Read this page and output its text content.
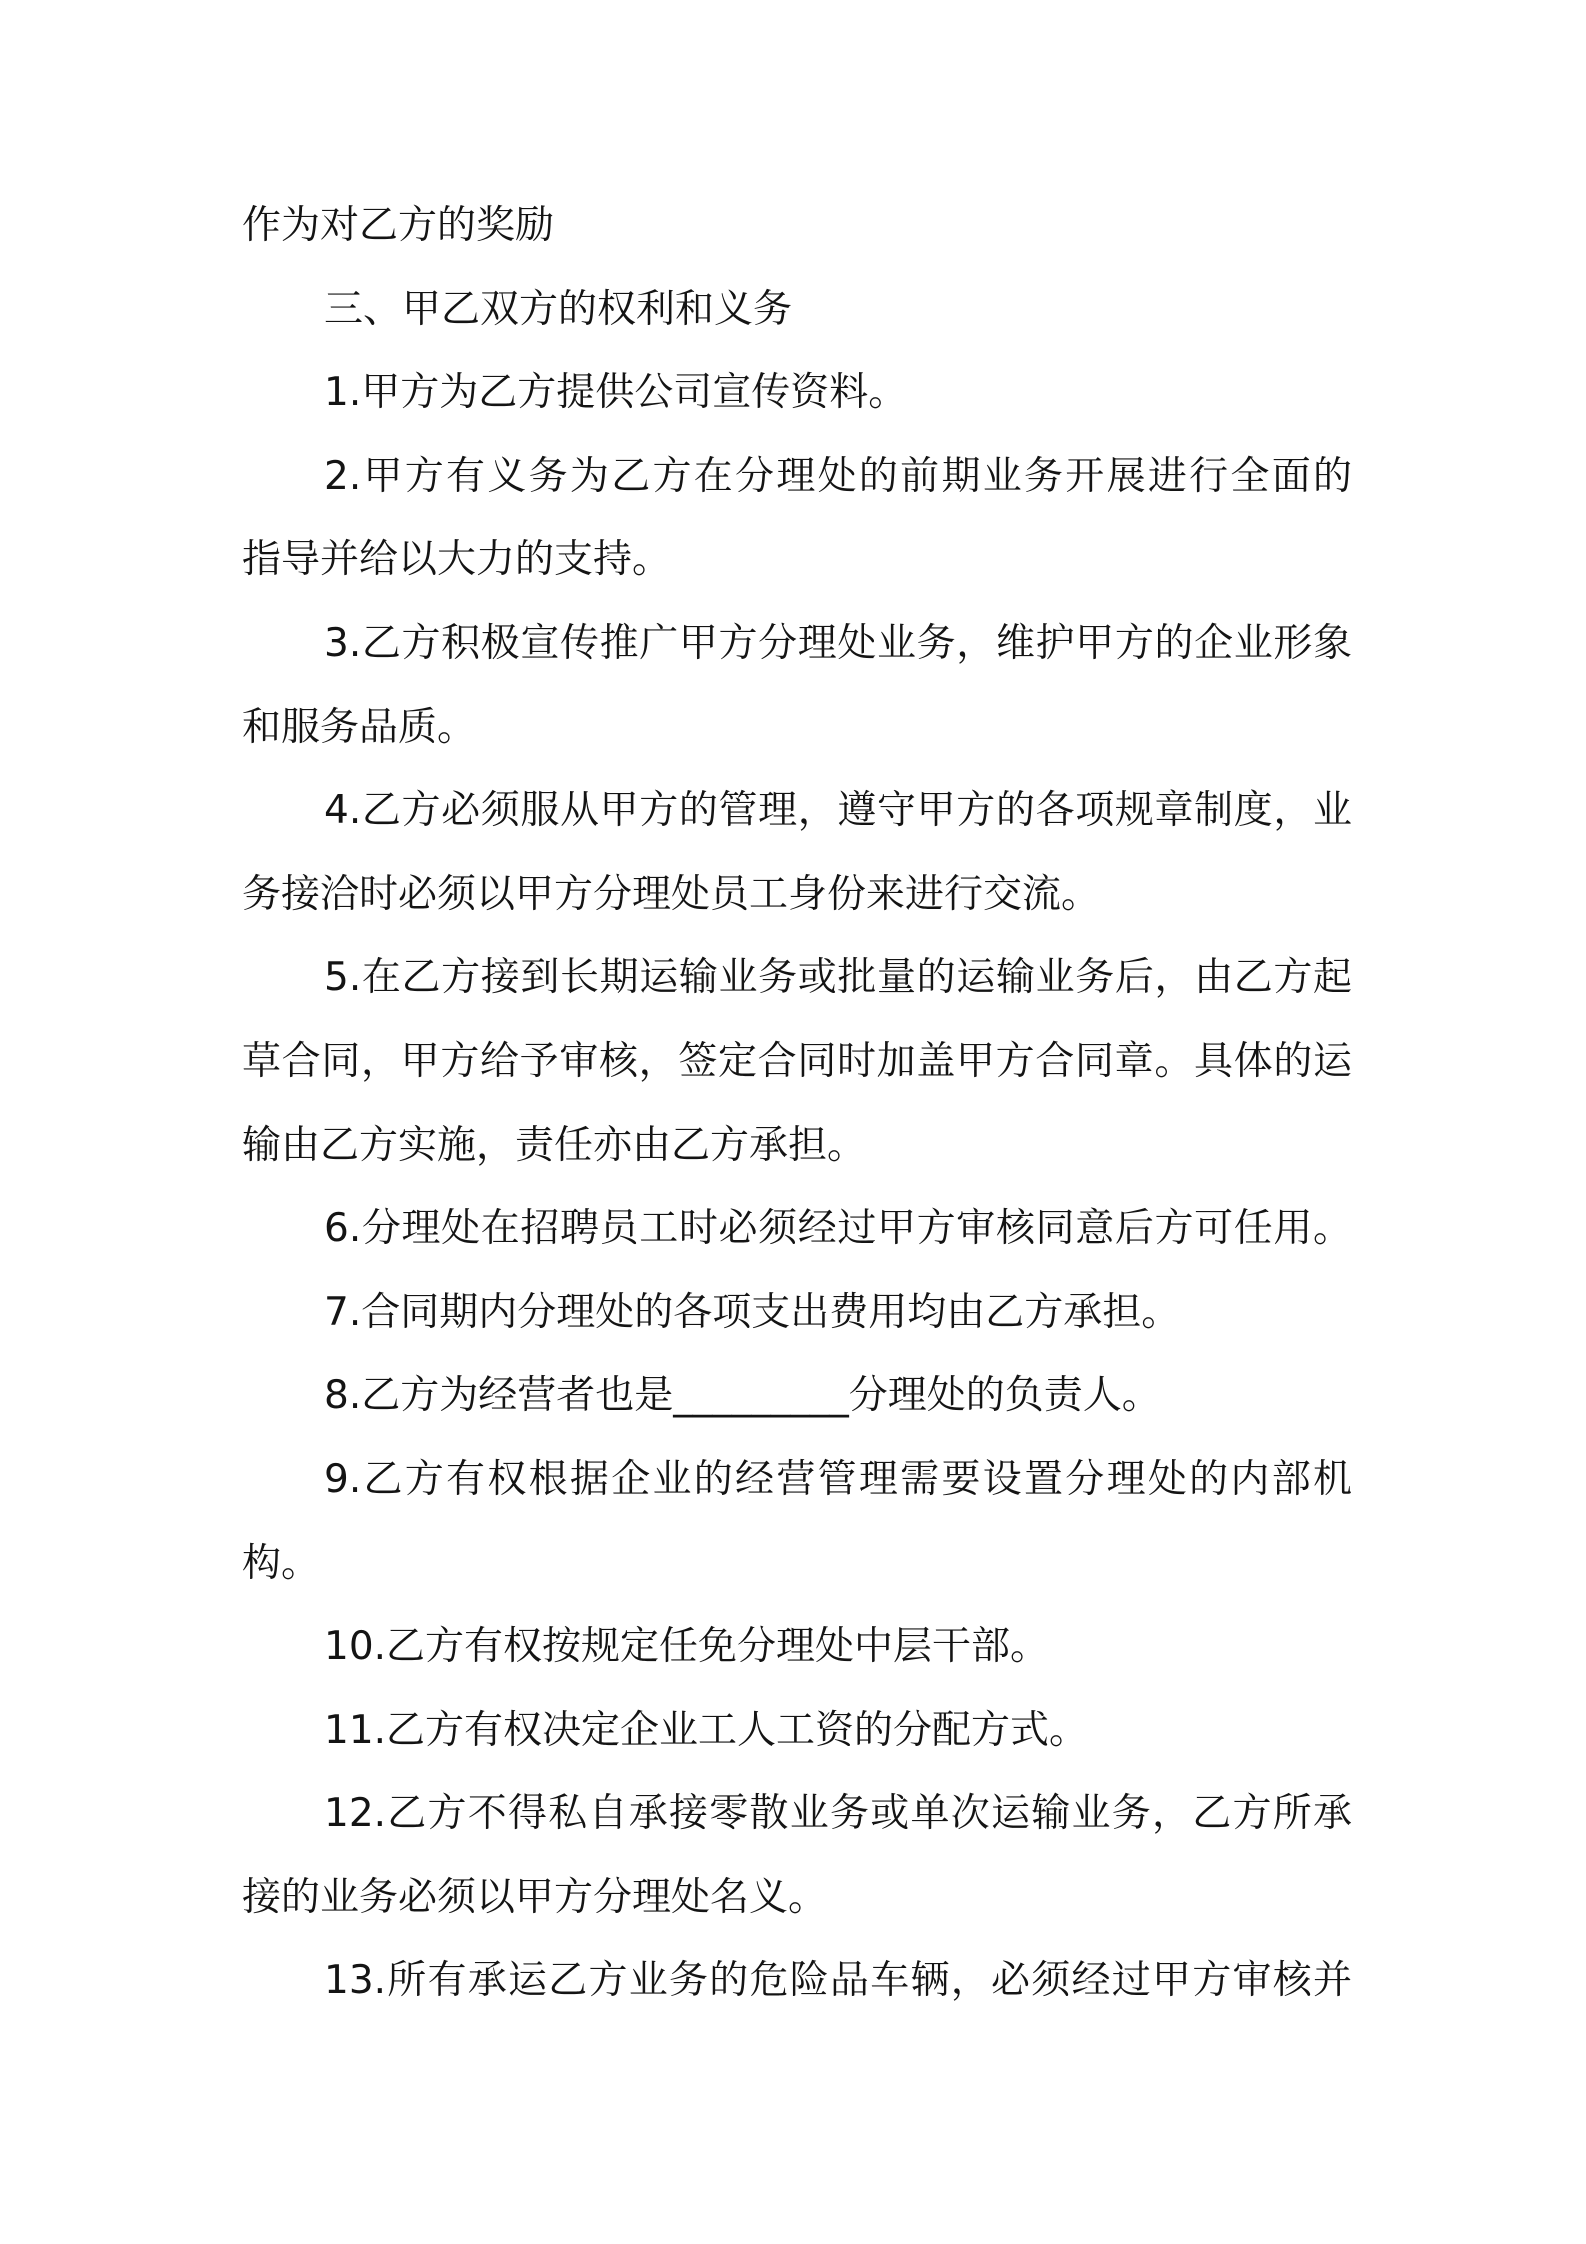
作为对乙方的奖励
三、甲乙双方的权利和义务
1.甲方为乙方提供公司宣传资料。
2.甲方有义务为乙方在分理处的前期业务开展进行全面的
指导并给以大力的支持。
3.乙方积极宣传推广甲方分理处业务，维护甲方的企业形象
和服务品质。
4.乙方必须服从甲方的管理，遵守甲方的各项规章制度，业
务接洽时必须以甲方分理处员工身份来进行交流。
5.在乙方接到长期运输业务或批量的运输业务后，由乙方起
草合同，甲方给予审核，签定合同时加盖甲方合同章。具体的运
输由乙方实施，责任亦由乙方承担。
6.分理处在招聘员工时必须经过甲方审核同意后方可任用。
7.合同期内分理处的各项支出费用均由乙方承担。
8.乙方为经营者也是_________分理处的负责人。
9.乙方有权根据企业的经营管理需要设置分理处的内部机
构。
10.乙方有权按规定任免分理处中层干部。
11.乙方有权决定企业工人工资的分配方式。
12.乙方不得私自承接零散业务或单次运输业务，乙方所承
接的业务必须以甲方分理处名义。
13.所有承运乙方业务的危险品车辆，必须经过甲方审核并
